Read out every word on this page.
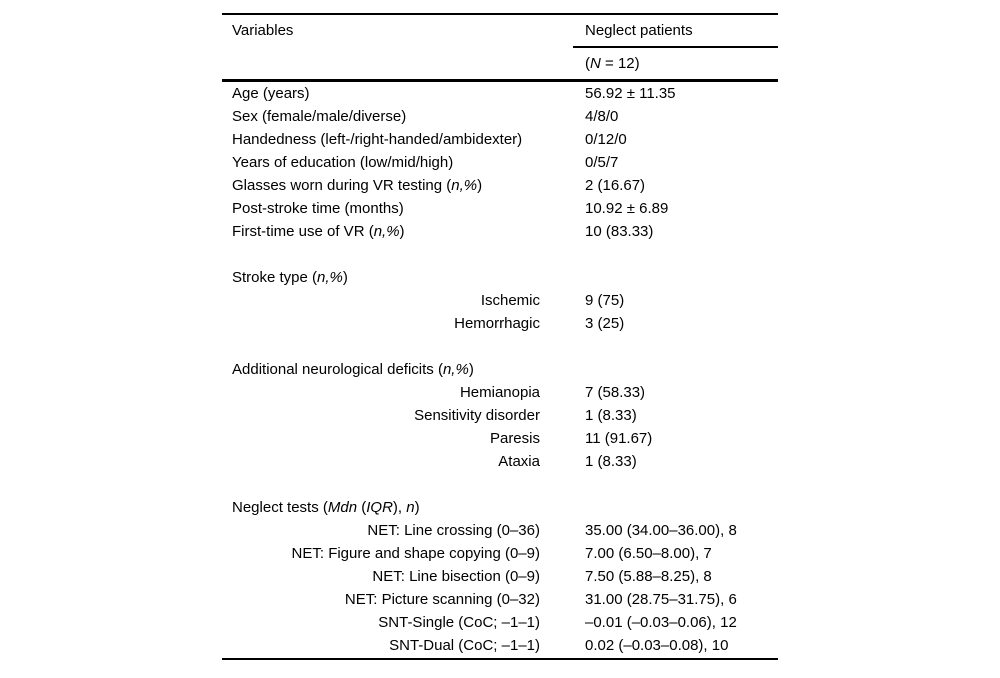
Variables	Neglect patients
(N = 12)
Age (years)	56.92 ± 11.35
Sex (female/male/diverse)	4/8/0
Handedness (left-/right-handed/ambidexter)	0/12/0
Years of education (low/mid/high)	0/5/7
Glasses worn during VR testing (n,%)	2 (16.67)
Post-stroke time (months)	10.92 ± 6.89
First-time use of VR (n,%)	10 (83.33)
Stroke type (n,%)
Ischemic	9 (75)
Hemorrhagic	3 (25)
Additional neurological deficits (n,%)
Hemianopia	7 (58.33)
Sensitivity disorder	1 (8.33)
Paresis	11 (91.67)
Ataxia	1 (8.33)
Neglect tests (Mdn (IQR), n)
NET: Line crossing (0–36)	35.00 (34.00–36.00), 8
NET: Figure and shape copying (0–9)	7.00 (6.50–8.00), 7
NET: Line bisection (0–9)	7.50 (5.88–8.25), 8
NET: Picture scanning (0–32)	31.00 (28.75–31.75), 6
SNT-Single (CoC; –1–1)	–0.01 (–0.03–0.06), 12
SNT-Dual (CoC; –1–1)	0.02 (–0.03–0.08), 10
